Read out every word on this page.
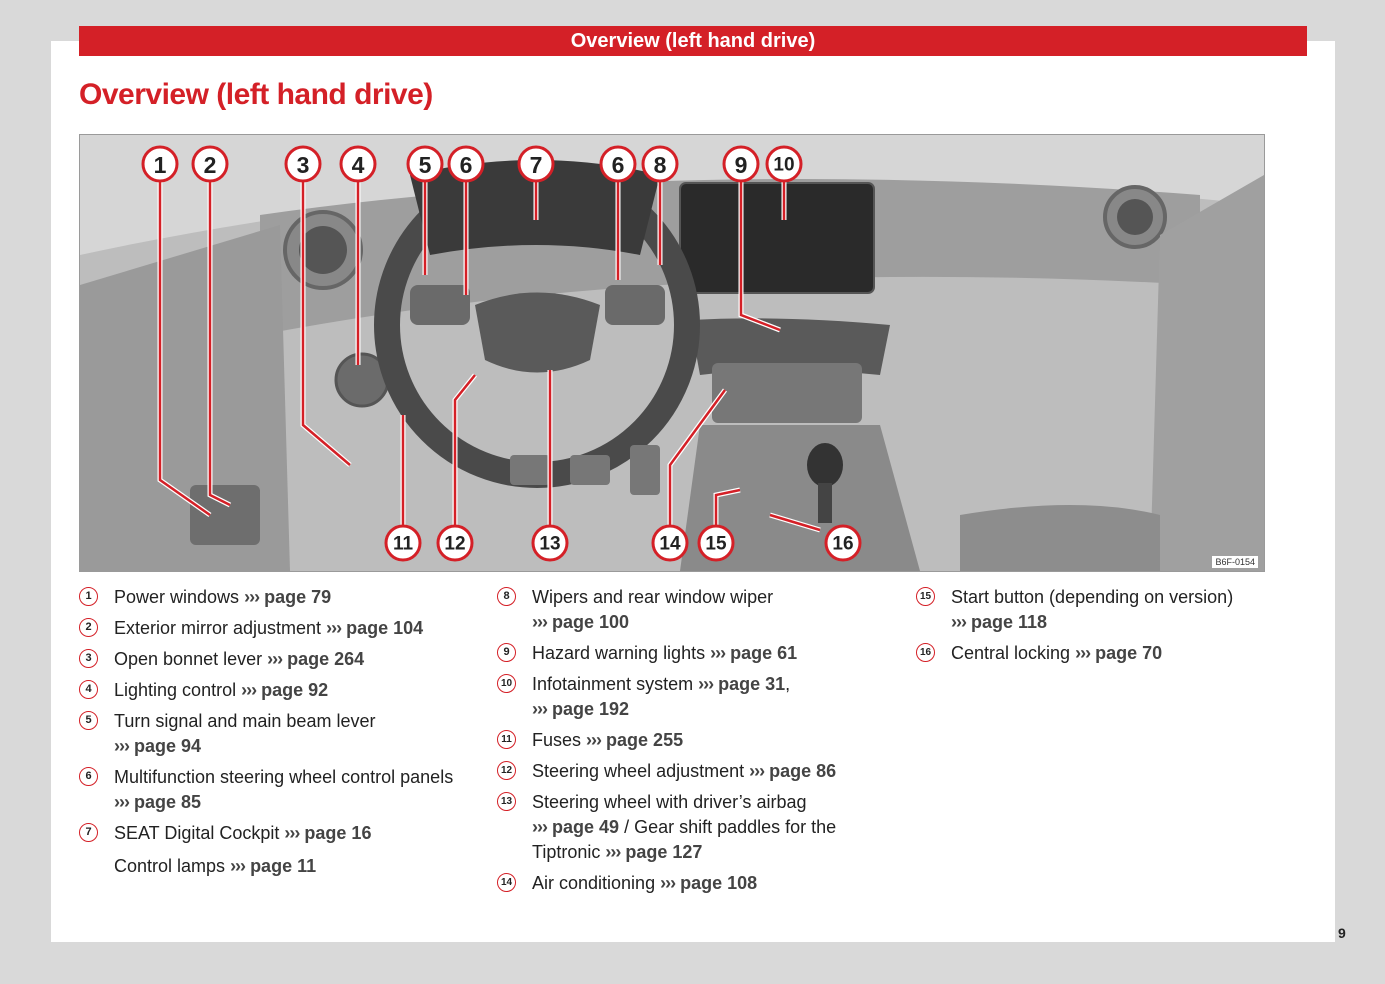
Overview (left hand drive)
Overview (left hand drive)
1 2	3 4 5 6 7	6 8	9 10
11 12	13	14 15	16
B6F-0154
1	Power windows ››› page 79
2	Exterior mirror adjustment ››› page 104
3	Open bonnet lever ››› page 264
4	Lighting control ››› page 92
5	Turn signal and main beam lever
››› page 94
6	Multifunction steering wheel control panels
››› page 85
7	SEAT Digital Cockpit ››› page 16
Control lamps ››› page 11
8	Wipers and rear window wiper
››› page 100
9	Hazard warning lights ››› page 61
10 Infotainment system ››› page 31,
››› page 192
11 Fuses ››› page 255
12 Steering wheel adjustment ››› page 86
13 Steering wheel with driver’s airbag
››› page 49 / Gear shift paddles for the Tiptronic ››› page 127
14 Air conditioning ››› page 108
15 Start button (depending on version)
››› page 118
16 Central locking ››› page 70
9
